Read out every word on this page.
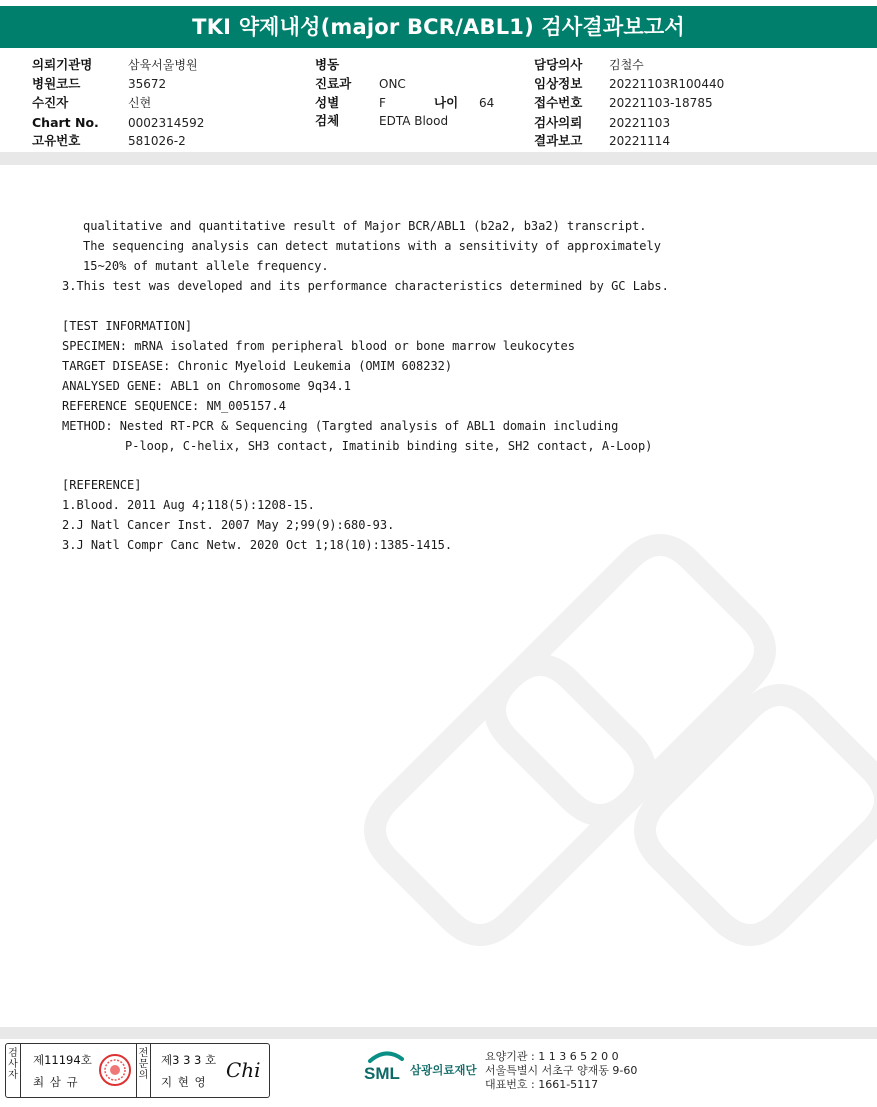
TKI 약제내성(major BCR/ABL1) 검사결과보고서
의뢰기관명	삼육서울병원
병원코드	35672
수진자	신현
Chart No. 0002314592
고유번호	581026-2
병동
진료과 ONC
성별	F	나이 64
검체	EDTA Blood
담당의사 김철수
임상정보 20221103R100440
접수번호 20221103-18785
검사의뢰 20221103
결과보고 20221114
qualitative and quantitative result of Major BCR/ABL1 (b2a2, b3a2) transcript.
The sequencing analysis can detect mutations with a sensitivity of approximately
15~20% of mutant allele frequency.
3.This test was developed and its performance characteristics determined by GC Labs.
[TEST INFORMATION]
SPECIMEN: mRNA isolated from peripheral blood or bone marrow leukocytes
TARGET DISEASE: Chronic Myeloid Leukemia (OMIM 608232)
ANALYSED GENE: ABL1 on Chromosome 9q34.1
REFERENCE SEQUENCE: NM_005157.4
METHOD: Nested RT-PCR & Sequencing (Targted analysis of ABL1 domain including
P-loop, C-helix, SH3 contact, Imatinib binding site, SH2 contact, A-Loop)
[REFERENCE]
1.Blood. 2011 Aug 4;118(5):1208-15.
2.J Natl Cancer Inst. 2007 May 2;99(9):680-93.
3.J Natl Compr Canc Netw. 2020 Oct 1;18(10):1385-1415.
검사자
제11194호
최 삼 규
전문의
제3 3 3 호
지 현 영 Chi	SML 삼광의료재단
요양기관 : 1 1 3 6 5 2 0 0
서울특별시 서초구 양재동 9-60
대표번호 : 1661-5117
